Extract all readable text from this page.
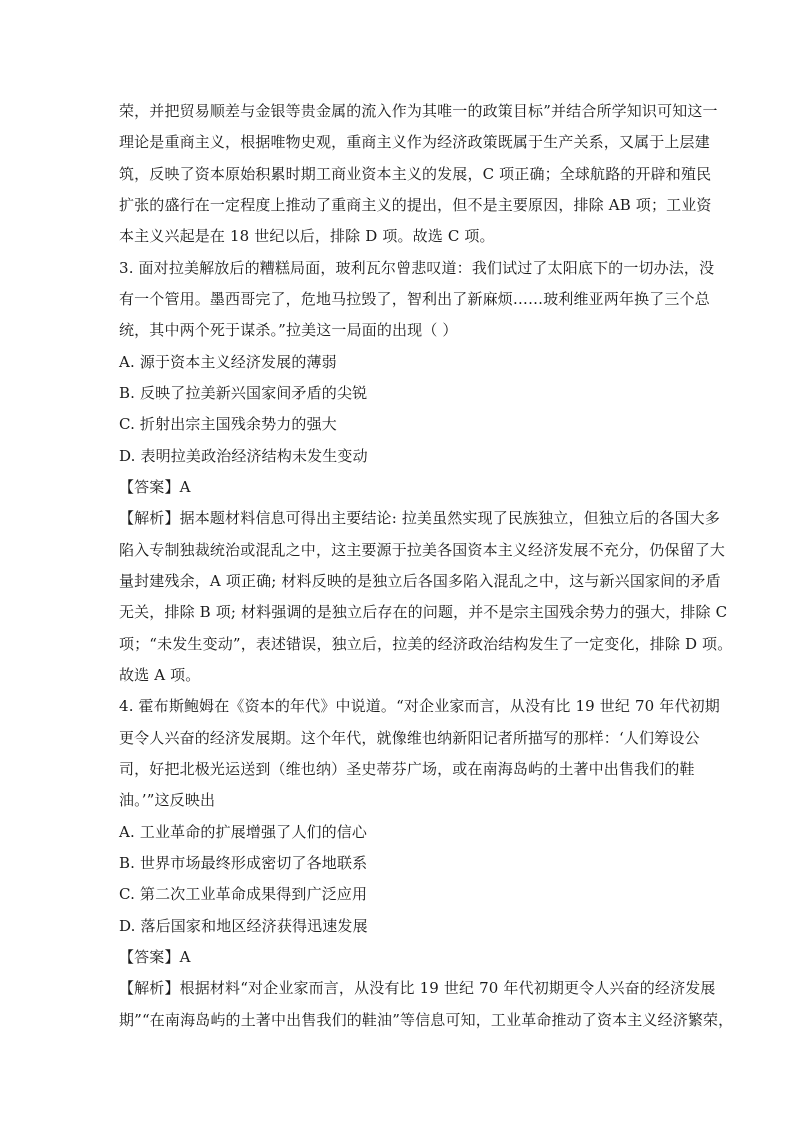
荣，并把贸易顺差与金银等贵金属的流入作为其唯一的政策目标”并结合所学知识可知这一
理论是重商主义，根据唯物史观，重商主义作为经济政策既属于生产关系，又属于上层建
筑，反映了资本原始积累时期工商业资本主义的发展，C 项正确；全球航路的开辟和殖民
扩张的盛行在一定程度上推动了重商主义的提出，但不是主要原因，排除 AB 项；工业资
本主义兴起是在 18 世纪以后，排除 D 项。故选 C 项。
3. 面对拉美解放后的糟糕局面，玻利瓦尔曾悲叹道：我们试过了太阳底下的一切办法，没
有一个管用。墨西哥完了，危地马拉毁了，智利出了新麻烦……玻利维亚两年换了三个总
统，其中两个死于谋杀。”拉美这一局面的出现（ ）
A. 源于资本主义经济发展的薄弱
B. 反映了拉美新兴国家间矛盾的尖锐
C. 折射出宗主国残余势力的强大
D. 表明拉美政治经济结构未发生变动
【答案】A
【解析】据本题材料信息可得出主要结论: 拉美虽然实现了民族独立，但独立后的各国大多
陷入专制独裁统治或混乱之中，这主要源于拉美各国资本主义经济发展不充分，仍保留了大
量封建残余，A 项正确; 材料反映的是独立后各国多陷入混乱之中，这与新兴国家间的矛盾
无关，排除 B 项; 材料强调的是独立后存在的问题，并不是宗主国残余势力的强大，排除 C
项；“未发生变动”，表述错误，独立后，拉美的经济政治结构发生了一定变化，排除 D 项。
故选 A 项。
4. 霍布斯鲍姆在《资本的年代》中说道。“对企业家而言，从没有比 19 世纪 70 年代初期
更令人兴奋的经济发展期。这个年代，就像维也纳新阳记者所描写的那样：‘人们筹设公
司，好把北极光运送到（维也纳）圣史蒂芬广场，或在南海岛屿的土著中出售我们的鞋
油。’”这反映出
A. 工业革命的扩展增强了人们的信心
B. 世界市场最终形成密切了各地联系
C. 第二次工业革命成果得到广泛应用
D. 落后国家和地区经济获得迅速发展
【答案】A
【解析】根据材料“对企业家而言，从没有比 19 世纪 70 年代初期更令人兴奋的经济发展
期”“在南海岛屿的土著中出售我们的鞋油”等信息可知，工业革命推动了资本主义经济繁荣，
